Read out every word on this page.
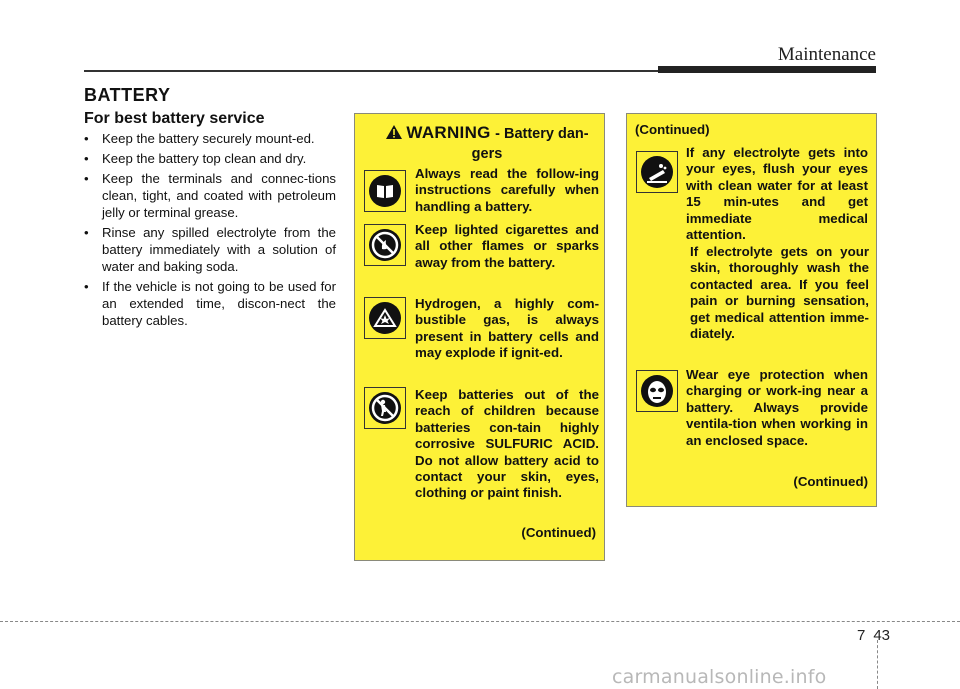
Maintenance
BATTERY
For best battery service
• Keep the battery securely mount-ed.
• Keep the battery top clean and dry.
• Keep the terminals and connec-tions clean, tight, and coated with petroleum jelly or terminal grease.
• Rinse any spilled electrolyte from the battery immediately with a solution of water and baking soda.
• If the vehicle is not going to be used for an extended time, discon-nect the battery cables.
WARNING - Battery dan-gers
Always read the follow-ing instructions carefully when handling a battery.
Keep lighted cigarettes and all other flames or sparks away from the battery.
Hydrogen, a highly com-bustible gas, is always present in battery cells and may explode if ignit-ed.
Keep batteries out of the reach of children because batteries con-tain highly corrosive SULFURIC ACID. Do not allow battery acid to contact your skin, eyes, clothing or paint finish.
(Continued)
(Continued)
If electrolyte gets on your skin, thoroughly wash the contacted area. If you feel pain or burning sensation, get medical attention imme-diately.
(Continued)
If any electrolyte gets into your eyes, flush your eyes with clean water for at least 15 min-utes and get immediate medical attention.
Wear eye protection when charging or work-ing near a battery. Always provide ventila-tion when working in an enclosed space.
7 43
carmanualsonline.info
